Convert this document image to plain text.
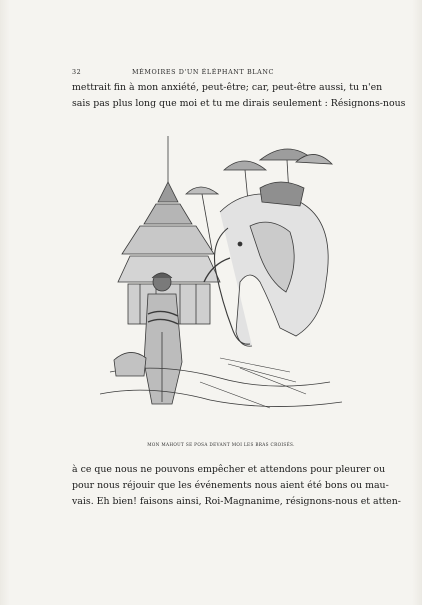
32	MÉMOIRES D'UN ÉLÉPHANT BLANC
mettrait fin à mon anxiété, peut-être; car, peut-être aussi, tu n'en
sais pas plus long que moi et tu me dirais seulement : Résignons-nous
MON MAHOUT SE POSA DEVANT MOI LES BRAS CROISÉS.
à ce que nous ne pouvons empêcher et attendons pour pleurer ou
pour nous réjouir que les événements nous aient été bons ou mau-
vais. Eh bien! faisons ainsi, Roi-Magnanime, résignons-nous et atten-
